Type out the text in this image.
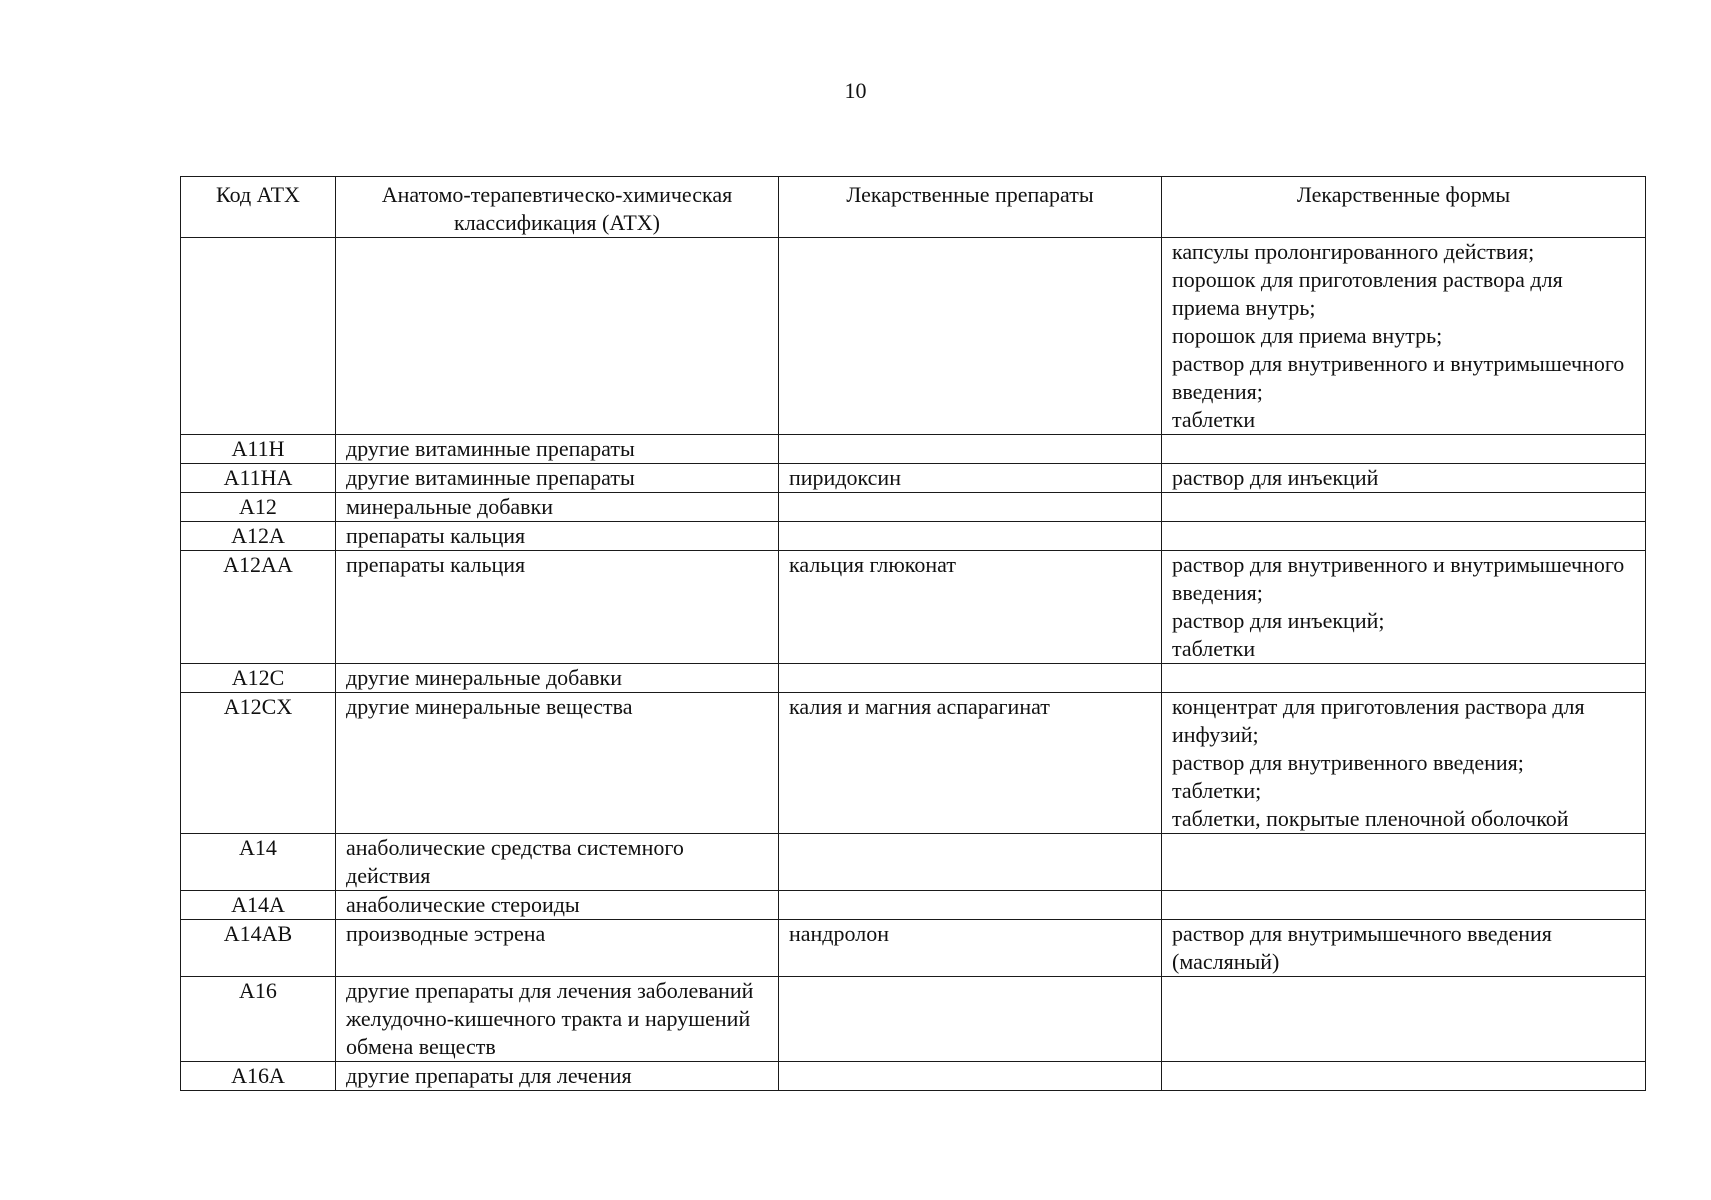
10
Код АТХ	Анатомо-терапевтическо-химическая классификация (АТХ)	Лекарственные препараты	Лекарственные формы

			капсулы пролонгированного действия;
порошок для приготовления раствора для приема внутрь;
порошок для приема внутрь;
раствор для внутривенного и внутримышечного введения;
таблетки

A11H	другие витаминные препараты		
A11HA	другие витаминные препараты	пиридоксин	раствор для инъекций

A12	минеральные добавки		
A12A	препараты кальция		
A12AA	препараты кальция	кальция глюконат	раствор для внутривенного и внутримышечного введения;
раствор для инъекций;
таблетки

A12C	другие минеральные добавки		
A12CX	другие минеральные вещества	калия и магния аспарагинат	концентрат для приготовления раствора для инфузий;
раствор для внутривенного введения;
таблетки;
таблетки, покрытые пленочной оболочкой

A14	анаболические средства системного действия		
A14A	анаболические стероиды		
A14AB	производные эстрена	нандролон	раствор для внутримышечного введения (масляный)

A16	другие препараты для лечения заболеваний желудочно-кишечного тракта и нарушений обмена веществ		
A16A	другие препараты для лечения		
